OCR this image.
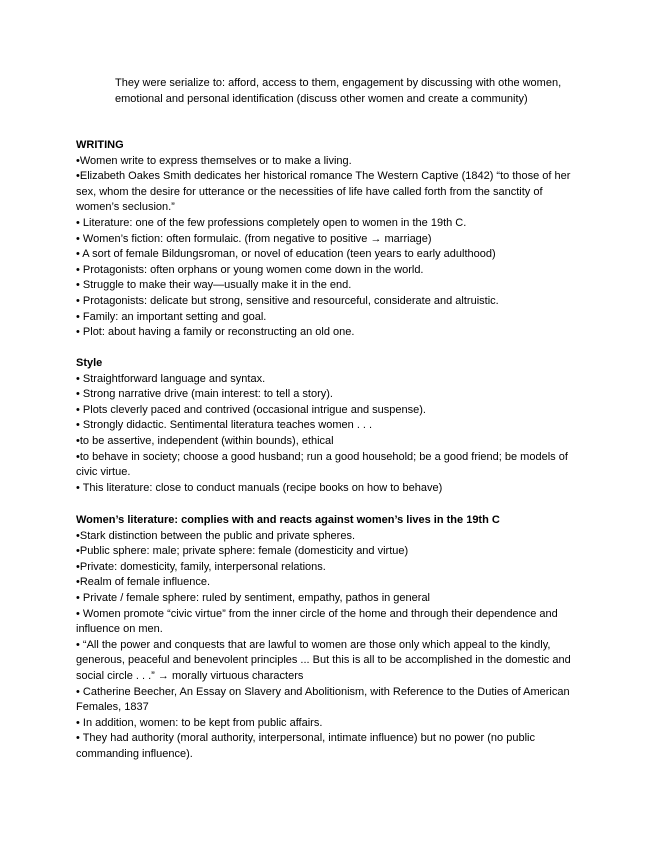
They were serialize to: afford, access to them, engagement by discussing with othe women, emotional and personal identification (discuss other women and create a community)

WRITING

•Women write to express themselves or to make a living.

•Elizabeth Oakes Smith dedicates her historical romance The Western Captive (1842) “to those of her sex, whom the desire for utterance or the necessities of life have called forth from the sanctity of women’s seclusion.”

• Literature: one of the few professions completely open to women in the 19th C.

• Women’s fiction: often formulaic. (from negative to positive → marriage)

• A sort of female Bildungsroman, or novel of education (teen years to early adulthood)

• Protagonists: often orphans or young women come down in the world.

• Struggle to make their way—usually make it in the end.

• Protagonists: delicate but strong, sensitive and resourceful, considerate and altruistic.

• Family: an important setting and goal.

• Plot: about having a family or reconstructing an old one.

Style

• Straightforward language and syntax.

• Strong narrative drive (main interest: to tell a story).

• Plots cleverly paced and contrived (occasional intrigue and suspense).

• Strongly didactic. Sentimental literatura teaches women . . .

•to be assertive, independent (within bounds), ethical

•to behave in society; choose a good husband; run a good household; be a good friend; be models of civic virtue.

• This literature: close to conduct manuals (recipe books on how to behave)

Women’s literature: complies with and reacts against women’s lives in the 19th C

•Stark distinction between the public and private spheres.

•Public sphere: male; private sphere: female (domesticity and virtue)

•Private: domesticity, family, interpersonal relations.

•Realm of female influence.

• Private / female sphere: ruled by sentiment, empathy, pathos in general

• Women promote “civic virtue” from the inner circle of the home and through their dependence and influence on men.

• “All the power and conquests that are lawful to women are those only which appeal to the kindly, generous, peaceful and benevolent principles ... But this is all to be accomplished in the domestic and social circle . . .” → morally virtuous characters

• Catherine Beecher, An Essay on Slavery and Abolitionism, with Reference to the Duties of American Females, 1837

• In addition, women: to be kept from public affairs.

• They had authority (moral authority, interpersonal, intimate influence) but no power (no public commanding influence).
